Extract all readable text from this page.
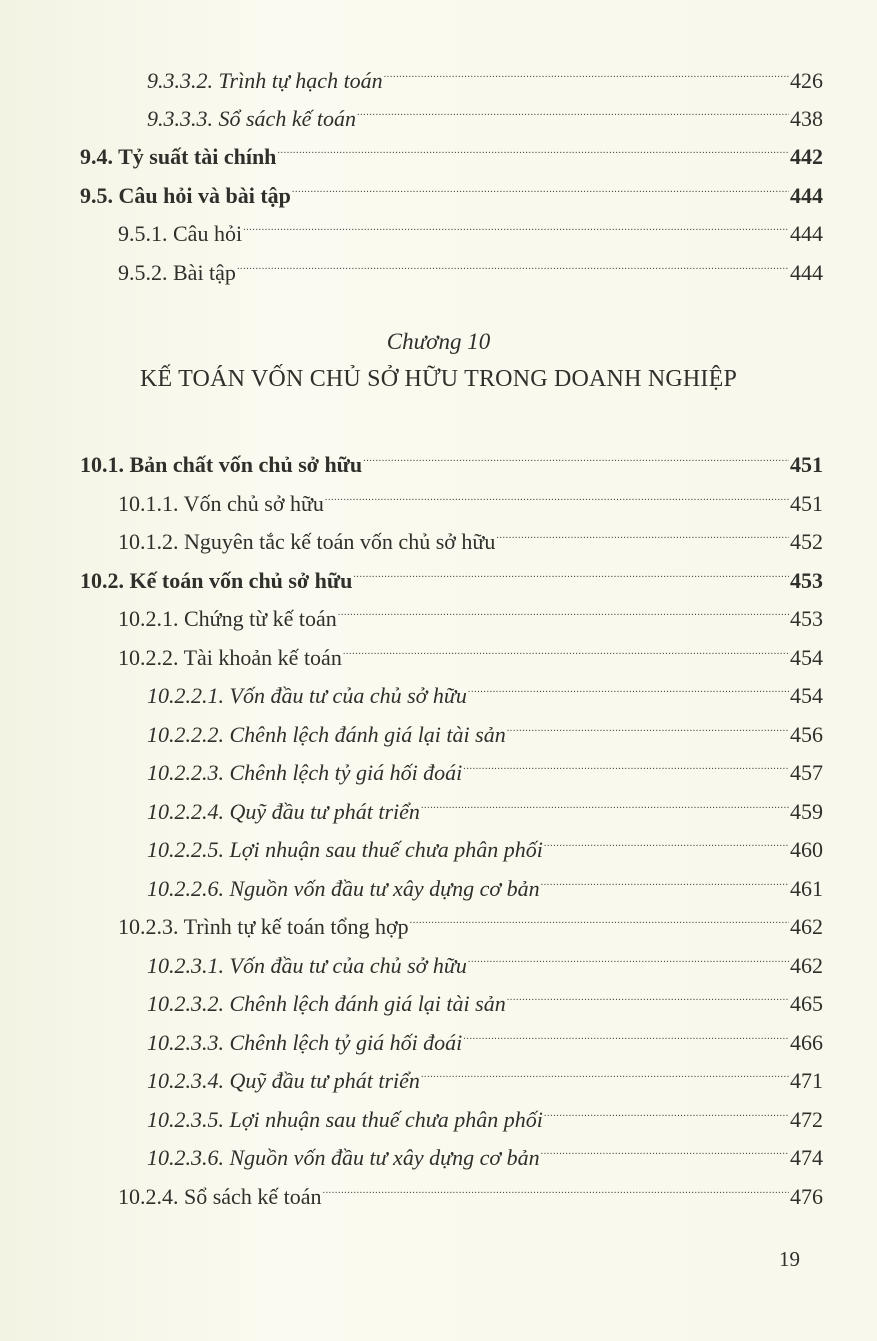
9.3.3.2. Trình tự hạch toán .....	426
9.3.3.3. Sổ sách kế toán .....	438
9.4. Tỷ suất tài chính .....	442
9.5. Câu hỏi và bài tập .....	444
9.5.1. Câu hỏi .....	444
9.5.2. Bài tập .....	444
Chương 10
KẾ TOÁN VỐN CHỦ SỞ HỮU TRONG DOANH NGHIỆP
10.1. Bản chất vốn chủ sở hữu .....	451
10.1.1. Vốn chủ sở hữu .....	451
10.1.2. Nguyên tắc kế toán vốn chủ sở hữu .....	452
10.2. Kế toán vốn chủ sở hữu .....	453
10.2.1. Chứng từ kế toán .....	453
10.2.2. Tài khoản kế toán .....	454
10.2.2.1. Vốn đầu tư của chủ sở hữu .....	454
10.2.2.2. Chênh lệch đánh giá lại tài sản .....	456
10.2.2.3. Chênh lệch tỷ giá hối đoái .....	457
10.2.2.4. Quỹ đầu tư phát triển .....	459
10.2.2.5. Lợi nhuận sau thuế chưa phân phối .....	460
10.2.2.6. Nguồn vốn đầu tư xây dựng cơ bản .....	461
10.2.3. Trình tự kế toán tổng hợp .....	462
10.2.3.1. Vốn đầu tư của chủ sở hữu .....	462
10.2.3.2. Chênh lệch đánh giá lại tài sản .....	465
10.2.3.3. Chênh lệch tỷ giá hối đoái .....	466
10.2.3.4. Quỹ đầu tư phát triển .....	471
10.2.3.5. Lợi nhuận sau thuế chưa phân phối .....	472
10.2.3.6. Nguồn vốn đầu tư xây dựng cơ bản .....	474
10.2.4. Sổ sách kế toán .....	476
19
